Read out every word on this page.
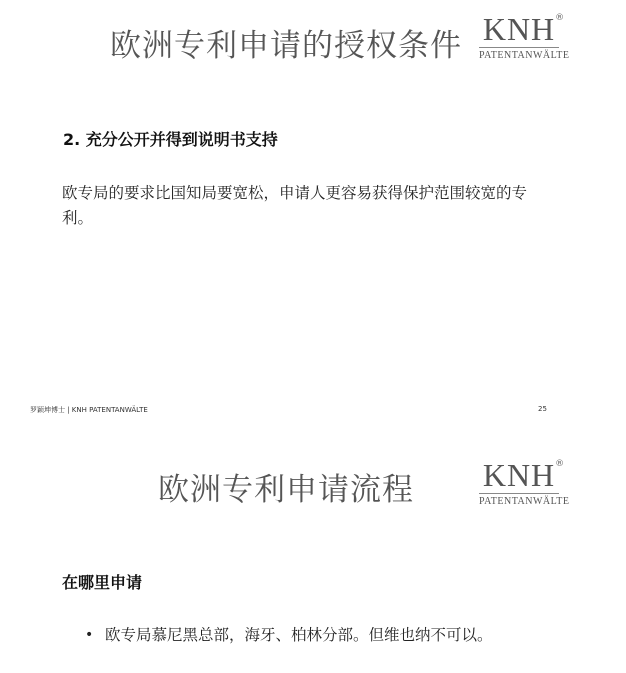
欧洲专利申请的授权条件 KNH ®
PATENTANWÄLTE
2. 充分公开并得到说明书支持
欧专局的要求比国知局要宽松，申请人更容易获得保护范围较宽的专利。
罗颖坤博士 | KNH PATENTANWÄLTE	25
欧洲专利申请流程 KNH ®
PATENTANWÄLTE
在哪里申请
• 欧专局慕尼黑总部，海牙、柏林分部。但维也纳不可以。
